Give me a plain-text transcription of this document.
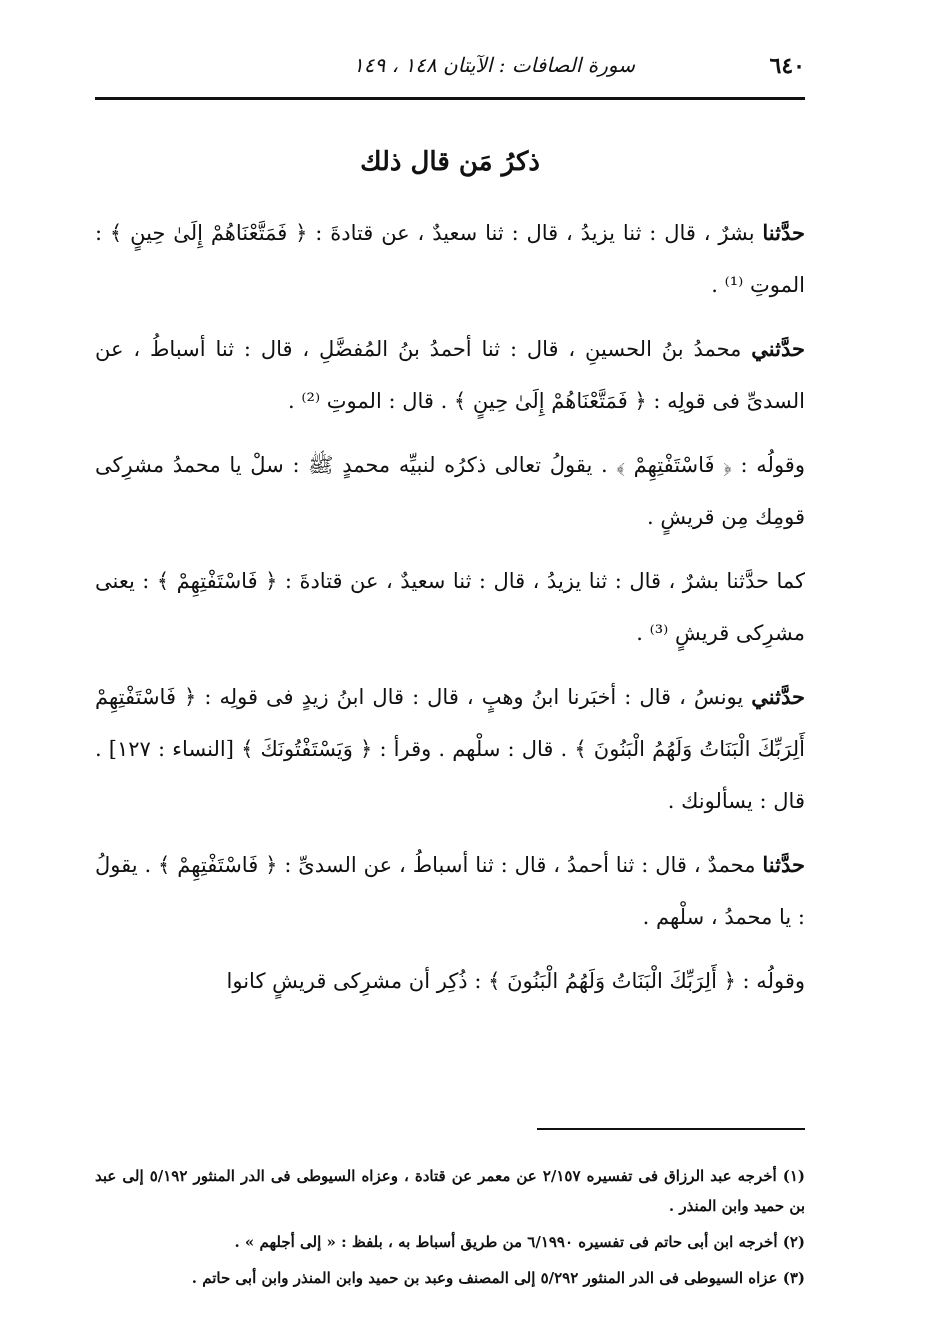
٦٤٠
سورة الصافات : الآيتان ١٤٨ ، ١٤٩
ذكرُ مَن قال ذلك

حدَّثنا بشرٌ ، قال : ثنا يزيدُ ، قال : ثنا سعيدٌ ، عن قتادةَ : ﴿ فَمَتَّعْنَاهُمْ إِلَىٰ حِينٍ ﴾ : الموتِ ⁽¹⁾ .

حدَّثني محمدُ بنُ الحسينِ ، قال : ثنا أحمدُ بنُ المُفضَّلِ ، قال : ثنا أسباطُ ، عن السدىِّ فى قولِه : ﴿ فَمَتَّعْنَاهُمْ إِلَىٰ حِينٍ ﴾ . قال : الموتِ ⁽²⁾ .

وقولُه : ﴿ فَاسْتَفْتِهِمْ ﴾ . يقولُ تعالى ذكرُه لنبيِّه محمدٍ ﷺ : سلْ يا محمدُ مشرِكى قومِك مِن قريشٍ .

كما حدَّثنا بشرٌ ، قال : ثنا يزيدُ ، قال : ثنا سعيدٌ ، عن قتادةَ : ﴿ فَاسْتَفْتِهِمْ ﴾ : يعنى مشرِكى قريشٍ ⁽³⁾ .

حدَّثني يونسُ ، قال : أخبَرنا ابنُ وهبٍ ، قال : قال ابنُ زيدٍ فى قولِه : ﴿ فَاسْتَفْتِهِمْ أَلِرَبِّكَ الْبَنَاتُ وَلَهُمُ الْبَنُونَ ﴾ . قال : سلْهم . وقرأ : ﴿ وَيَسْتَفْتُونَكَ ﴾ [النساء : ١٢٧] . قال : يسألونك .

حدَّثنا محمدٌ ، قال : ثنا أحمدُ ، قال : ثنا أسباطُ ، عن السدىِّ : ﴿ فَاسْتَفْتِهِمْ ﴾ . يقولُ : يا محمدُ ، سلْهم .

وقولُه : ﴿ أَلِرَبِّكَ الْبَنَاتُ وَلَهُمُ الْبَنُونَ ﴾ : ذُكِر أن مشرِكى قريشٍ كانوا

(١) أخرجه عبد الرزاق فى تفسيره ٢/١٥٧ عن معمر عن قتادة ، وعزاه السيوطى فى الدر المنثور ٥/١٩٢ إلى عبد بن حميد وابن المنذر .

(٢) أخرجه ابن أبى حاتم فى تفسيره ٦/١٩٩٠ من طريق أسباط به ، بلفظ : « إلى أجلهم » .

(٣) عزاه السيوطى فى الدر المنثور ٥/٢٩٢ إلى المصنف وعبد بن حميد وابن المنذر وابن أبى حاتم .
